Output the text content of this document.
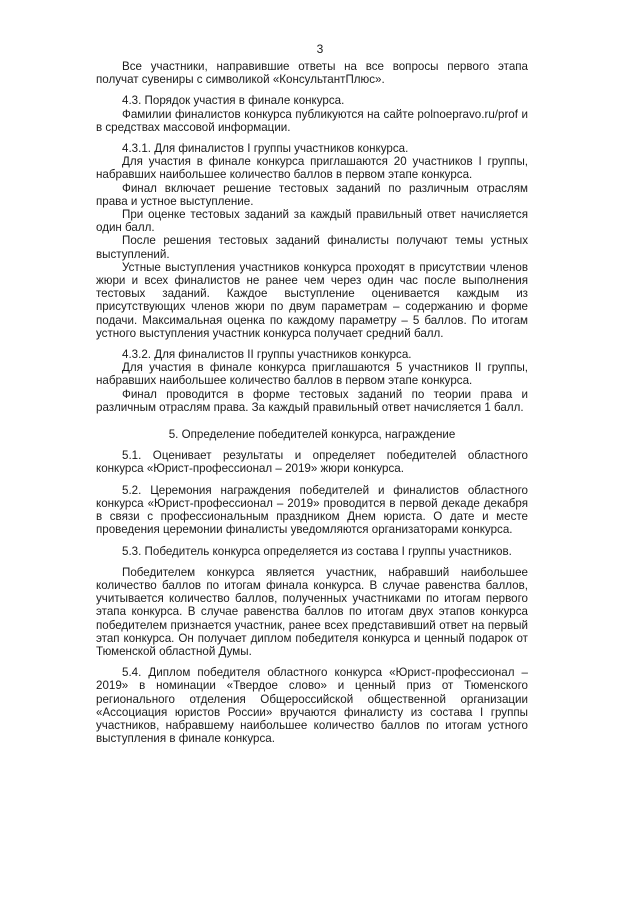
3

Все участники, направившие ответы на все вопросы первого этапа получат сувениры с символикой «КонсультантПлюс».

4.3. Порядок участия в финале конкурса.

Фамилии финалистов конкурса публикуются на сайте polnoepravo.ru/prof и в средствах массовой информации.

4.3.1. Для финалистов I группы участников конкурса.

Для участия в финале конкурса приглашаются 20 участников I группы, набравших наибольшее количество баллов в первом этапе конкурса.

Финал включает решение тестовых заданий по различным отраслям права и устное выступление.

При оценке тестовых заданий за каждый правильный ответ начисляется один балл.

После решения тестовых заданий финалисты получают темы устных выступлений.

Устные выступления участников конкурса проходят в присутствии членов жюри и всех финалистов не ранее чем через один час после выполнения тестовых заданий. Каждое выступление оценивается каждым из присутствующих членов жюри по двум параметрам – содержанию и форме подачи. Максимальная оценка по каждому параметру – 5 баллов. По итогам устного выступления участник конкурса получает средний балл.

4.3.2. Для финалистов II группы участников конкурса.

Для участия в финале конкурса приглашаются 5 участников II группы, набравших наибольшее количество баллов в первом этапе конкурса.

Финал проводится в форме тестовых заданий по теории права и различным отраслям права. За каждый правильный ответ начисляется 1 балл.

5. Определение победителей конкурса, награждение

5.1. Оценивает результаты и определяет победителей областного конкурса «Юрист-профессионал – 2019» жюри конкурса.

5.2. Церемония награждения победителей и финалистов областного конкурса «Юрист-профессионал – 2019» проводится в первой декаде декабря в связи с профессиональным праздником Днем юриста. О дате и месте проведения церемонии финалисты уведомляются организаторами конкурса.

5.3. Победитель конкурса определяется из состава I группы участников.

Победителем конкурса является участник, набравший наибольшее количество баллов по итогам финала конкурса. В случае равенства баллов, учитывается количество баллов, полученных участниками по итогам первого этапа конкурса. В случае равенства баллов по итогам двух этапов конкурса победителем признается участник, ранее всех представивший ответ на первый этап конкурса. Он получает диплом победителя конкурса и ценный подарок от Тюменской областной Думы.

5.4. Диплом победителя областного конкурса «Юрист-профессионал – 2019» в номинации «Твердое слово» и ценный приз от Тюменского регионального отделения Общероссийской общественной организации «Ассоциация юристов России» вручаются финалисту из состава I группы участников, набравшему наибольшее количество баллов по итогам устного выступления в финале конкурса.
